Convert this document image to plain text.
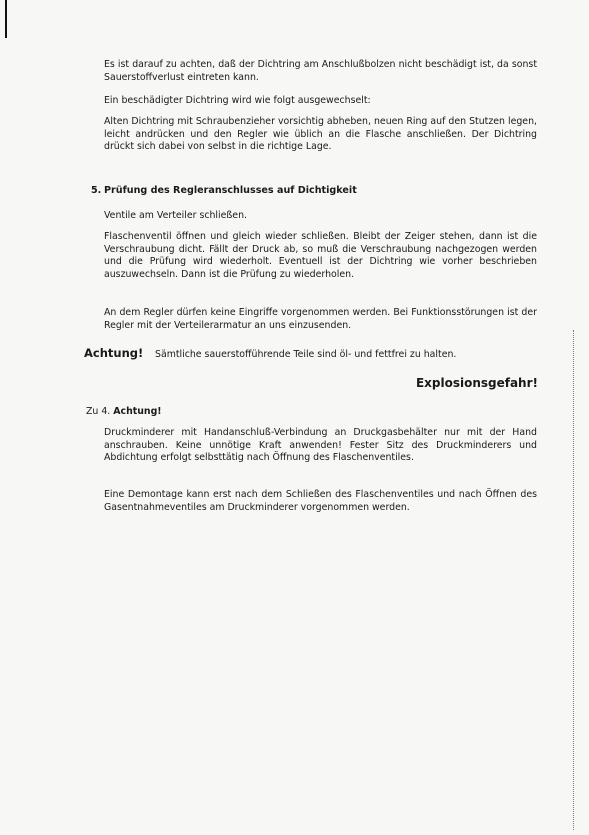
Es ist darauf zu achten, daß der Dichtring am Anschlußbolzen nicht beschädigt ist, da sonst Sauerstoffverlust eintreten kann.

Ein beschädigter Dichtring wird wie folgt ausgewechselt:

Alten Dichtring mit Schraubenzieher vorsichtig abheben, neuen Ring auf den Stutzen legen, leicht andrücken und den Regler wie üblich an die Flasche anschließen. Der Dichtring drückt sich dabei von selbst in die richtige Lage.

5. Prüfung des Regleranschlusses auf Dichtigkeit

Ventile am Verteiler schließen.

Flaschenventil öffnen und gleich wieder schließen. Bleibt der Zeiger stehen, dann ist die Verschraubung dicht. Fällt der Druck ab, so muß die Verschraubung nachgezogen werden und die Prüfung wird wiederholt. Eventuell ist der Dichtring wie vorher beschrieben auszuwechseln. Dann ist die Prüfung zu wiederholen.

An dem Regler dürfen keine Eingriffe vorgenommen werden. Bei Funktionsstörungen ist der Regler mit der Verteilerarmatur an uns einzusenden.

Achtung! Sämtliche sauerstofführende Teile sind öl- und fettfrei zu halten.

Explosionsgefahr!

Zu 4. Achtung!

Druckminderer mit Handanschluß-Verbindung an Druckgasbehälter nur mit der Hand anschrauben. Keine unnötige Kraft anwenden! Fester Sitz des Druckminderers und Abdichtung erfolgt selbsttätig nach Öffnung des Flaschenventiles.

Eine Demontage kann erst nach dem Schließen des Flaschenventiles und nach Öffnen des Gasentnahmeventiles am Druckminderer vorgenommen werden.
